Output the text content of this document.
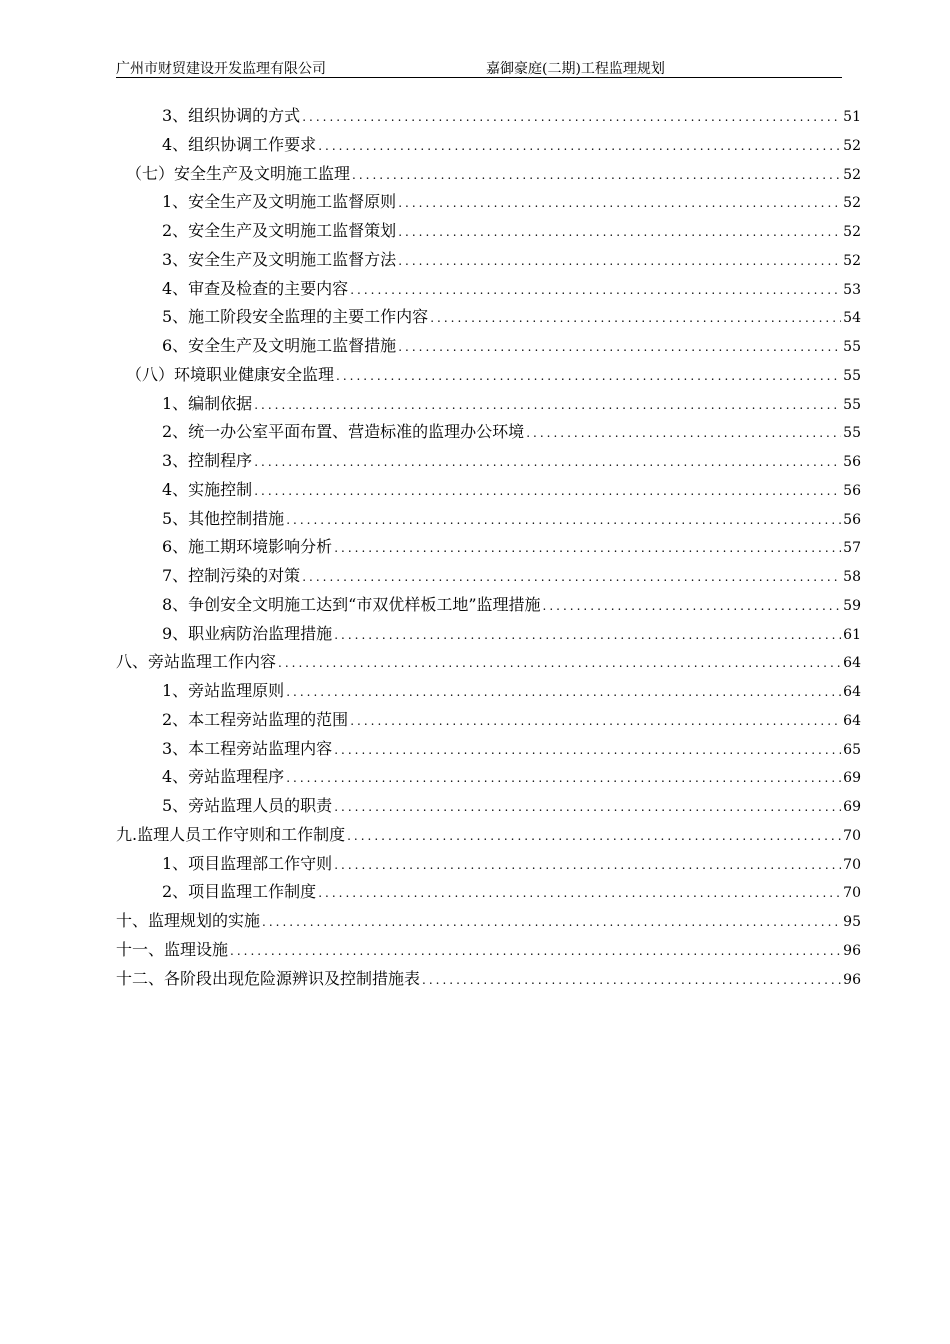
广州市财贸建设开发监理有限公司	嘉御豪庭(二期)工程监理规划
3、组织协调的方式 .....	51
4、组织协调工作要求 .....	52
（七）安全生产及文明施工监理 .....	52
1、安全生产及文明施工监督原则 .....	52
2、安全生产及文明施工监督策划 .....	52
3、安全生产及文明施工监督方法 .....	52
4、审查及检查的主要内容 .....	53
5、施工阶段安全监理的主要工作内容 .....	54
6、安全生产及文明施工监督措施 .....	55
（八）环境职业健康安全监理 .....	55
1、编制依据 .....	55
2、统一办公室平面布置、营造标准的监理办公环境 .....	55
3、控制程序 .....	56
4、实施控制 .....	56
5、其他控制措施 .....	56
6、施工期环境影响分析 .....	57
7、控制污染的对策 .....	58
8、争创安全文明施工达到“市双优样板工地”监理措施 .....	59
9、职业病防治监理措施 .....	61
八、旁站监理工作内容 .....	64
1、旁站监理原则 .....	64
2、本工程旁站监理的范围 .....	64
3、本工程旁站监理内容 .....	65
4、旁站监理程序 .....	69
5、旁站监理人员的职责 .....	69
九.监理人员工作守则和工作制度 .....	70
1、项目监理部工作守则 .....	70
2、项目监理工作制度 .....	70
十、监理规划的实施 .....	95
十一、监理设施 .....	96
十二、各阶段出现危险源辨识及控制措施表 .....	96
